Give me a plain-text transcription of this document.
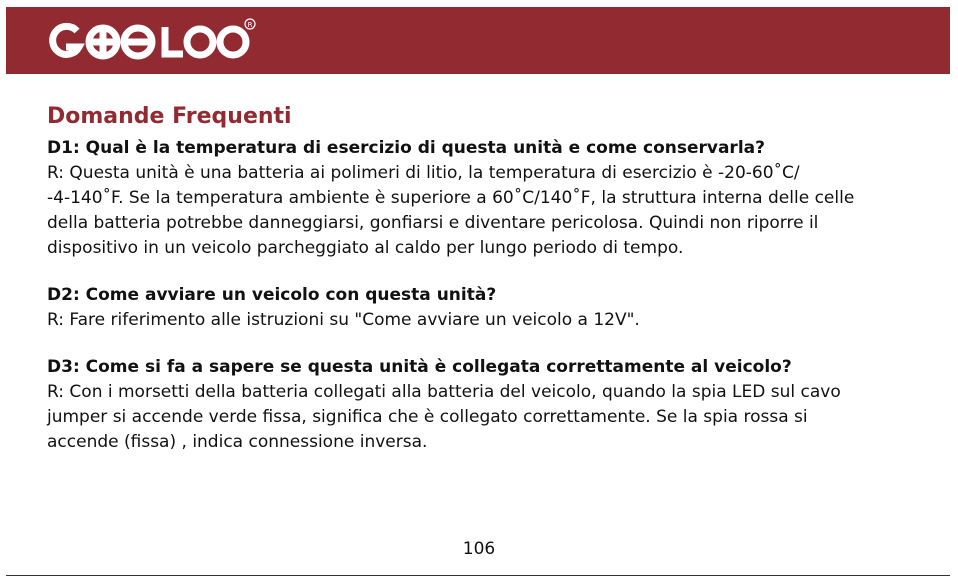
R
Domande Frequenti

D1: Qual è la temperatura di esercizio di questa unità e come conservarla?

R: Questa unità è una batteria ai polimeri di litio, la temperatura di esercizio è -20-60˚C/
-4-140˚F. Se la temperatura ambiente è superiore a 60˚C/140˚F, la struttura interna delle celle
della batteria potrebbe danneggiarsi, gonfiarsi e diventare pericolosa. Quindi non riporre il
dispositivo in un veicolo parcheggiato al caldo per lungo periodo di tempo.

D2: Come avviare un veicolo con questa unità?

R: Fare riferimento alle istruzioni su "Come avviare un veicolo a 12V".

D3: Come si fa a sapere se questa unità è collegata correttamente al veicolo?

R: Con i morsetti della batteria collegati alla batteria del veicolo, quando la spia LED sul cavo
jumper si accende verde fissa, significa che è collegato correttamente. Se la spia rossa si
accende (fissa) , indica connessione inversa.

106
